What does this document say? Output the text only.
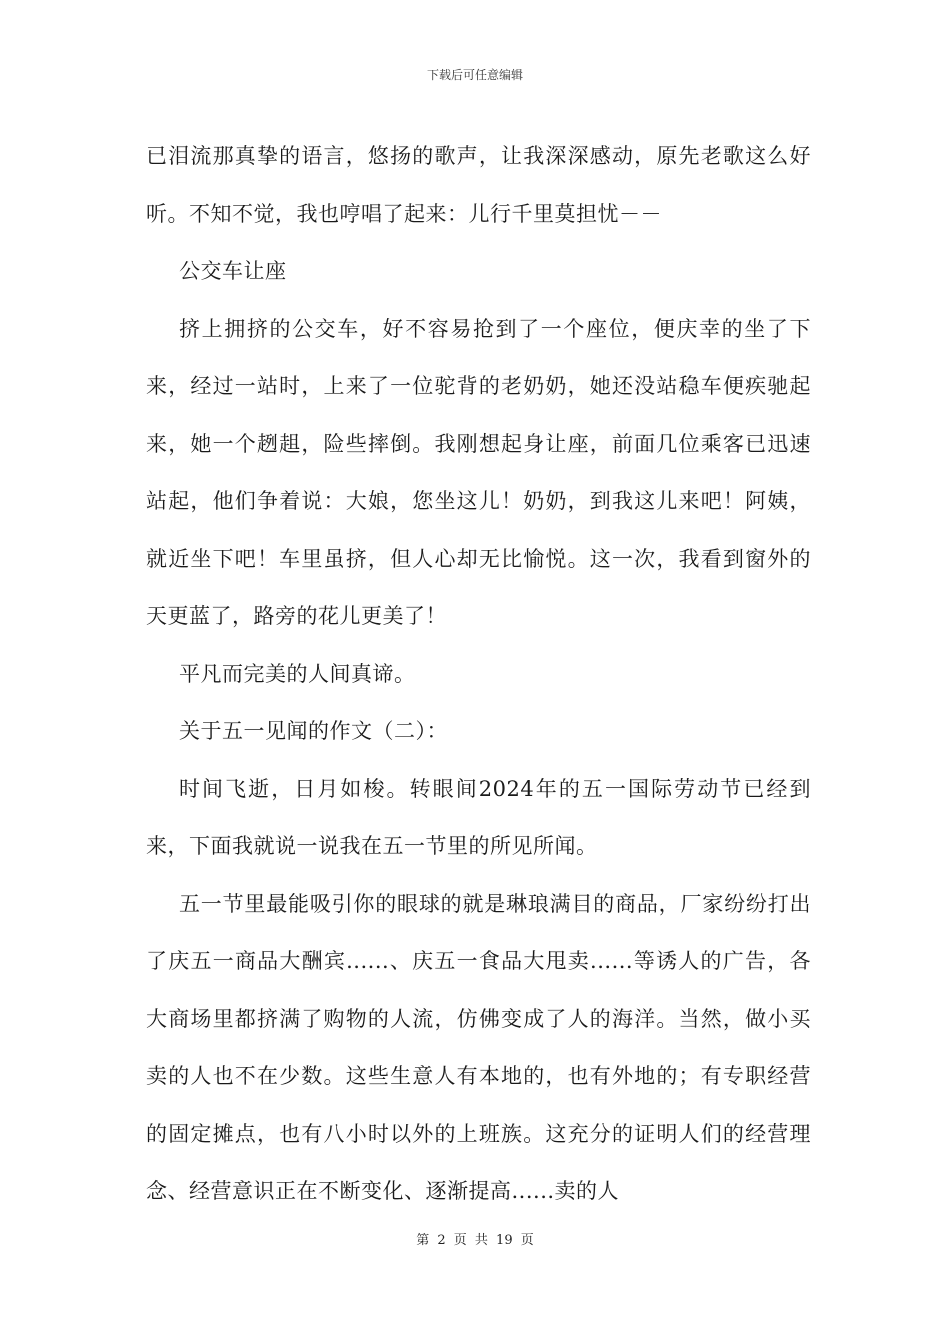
下载后可任意编辑

已泪流那真挚的语言，悠扬的歌声，让我深深感动，原先老歌这么好听。不知不觉，我也哼唱了起来：儿行千里莫担忧－－

公交车让座

挤上拥挤的公交车，好不容易抢到了一个座位，便庆幸的坐了下来，经过一站时，上来了一位驼背的老奶奶，她还没站稳车便疾驰起来，她一个趔趄，险些摔倒。我刚想起身让座，前面几位乘客已迅速站起，他们争着说：大娘，您坐这儿！奶奶，到我这儿来吧！阿姨，就近坐下吧！车里虽挤，但人心却无比愉悦。这一次，我看到窗外的天更蓝了，路旁的花儿更美了！

平凡而完美的人间真谛。

关于五一见闻的作文（二）：

时间飞逝，日月如梭。转眼间2024年的五一国际劳动节已经到来，下面我就说一说我在五一节里的所见所闻。

五一节里最能吸引你的眼球的就是琳琅满目的商品，厂家纷纷打出了庆五一商品大酬宾......、庆五一食品大甩卖......等诱人的广告，各大商场里都挤满了购物的人流，仿佛变成了人的海洋。当然，做小买卖的人也不在少数。这些生意人有本地的，也有外地的；有专职经营的固定摊点，也有八小时以外的上班族。这充分的证明人们的经营理念、经营意识正在不断变化、逐渐提高......卖的人

第 2 页 共 19 页
